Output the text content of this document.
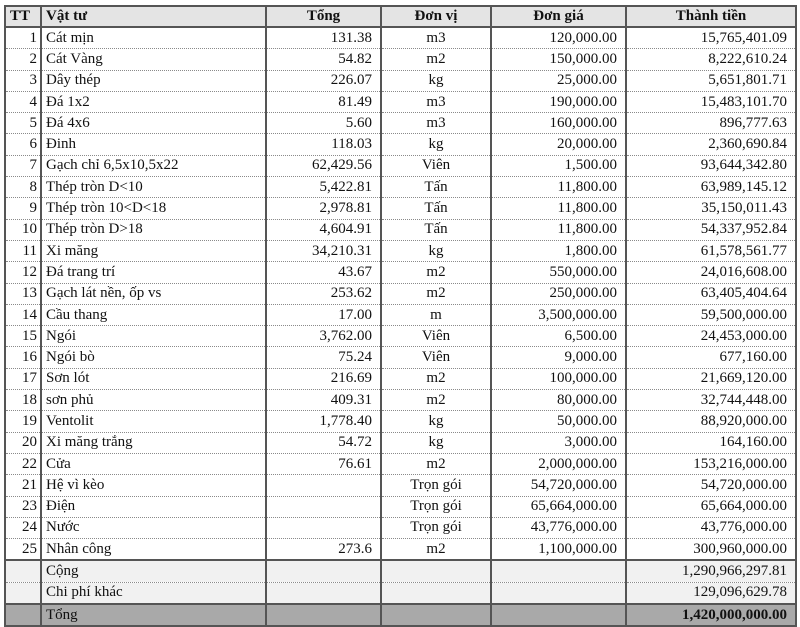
TT	Vật tư	Tổng	Đơn vị	Đơn giá	Thành tiền
1	Cát mịn	131.38	m3	120,000.00	15,765,401.09
2	Cát Vàng	54.82	m2	150,000.00	8,222,610.24
3	Dây thép	226.07	kg	25,000.00	5,651,801.71
4	Đá 1x2	81.49	m3	190,000.00	15,483,101.70
5	Đá 4x6	5.60	m3	160,000.00	896,777.63
6	Đinh	118.03	kg	20,000.00	2,360,690.84
7	Gạch chỉ 6,5x10,5x22	62,429.56	Viên	1,500.00	93,644,342.80
8	Thép tròn D<10	5,422.81	Tấn	11,800.00	63,989,145.12
9	Thép tròn 10<D<18	2,978.81	Tấn	11,800.00	35,150,011.43
10	Thép tròn D>18	4,604.91	Tấn	11,800.00	54,337,952.84
11	Xi măng	34,210.31	kg	1,800.00	61,578,561.77
12	Đá trang trí	43.67	m2	550,000.00	24,016,608.00
13	Gạch lát nền, ốp vs	253.62	m2	250,000.00	63,405,404.64
14	Cầu thang	17.00	m	3,500,000.00	59,500,000.00
15	Ngói	3,762.00	Viên	6,500.00	24,453,000.00
16	Ngói bò	75.24	Viên	9,000.00	677,160.00
17	Sơn lót	216.69	m2	100,000.00	21,669,120.00
18	sơn phủ	409.31	m2	80,000.00	32,744,448.00
19	Ventolit	1,778.40	kg	50,000.00	88,920,000.00
20	Xi măng trắng	54.72	kg	3,000.00	164,160.00
22	Cửa	76.61	m2	2,000,000.00	153,216,000.00
21	Hệ vì kèo		Trọn gói	54,720,000.00	54,720,000.00
23	Điện		Trọn gói	65,664,000.00	65,664,000.00
24	Nước		Trọn gói	43,776,000.00	43,776,000.00
25	Nhân công	273.6	m2	1,100,000.00	300,960,000.00
	Cộng				1,290,966,297.81
	Chi phí khác				129,096,629.78
	Tổng				1,420,000,000.00
